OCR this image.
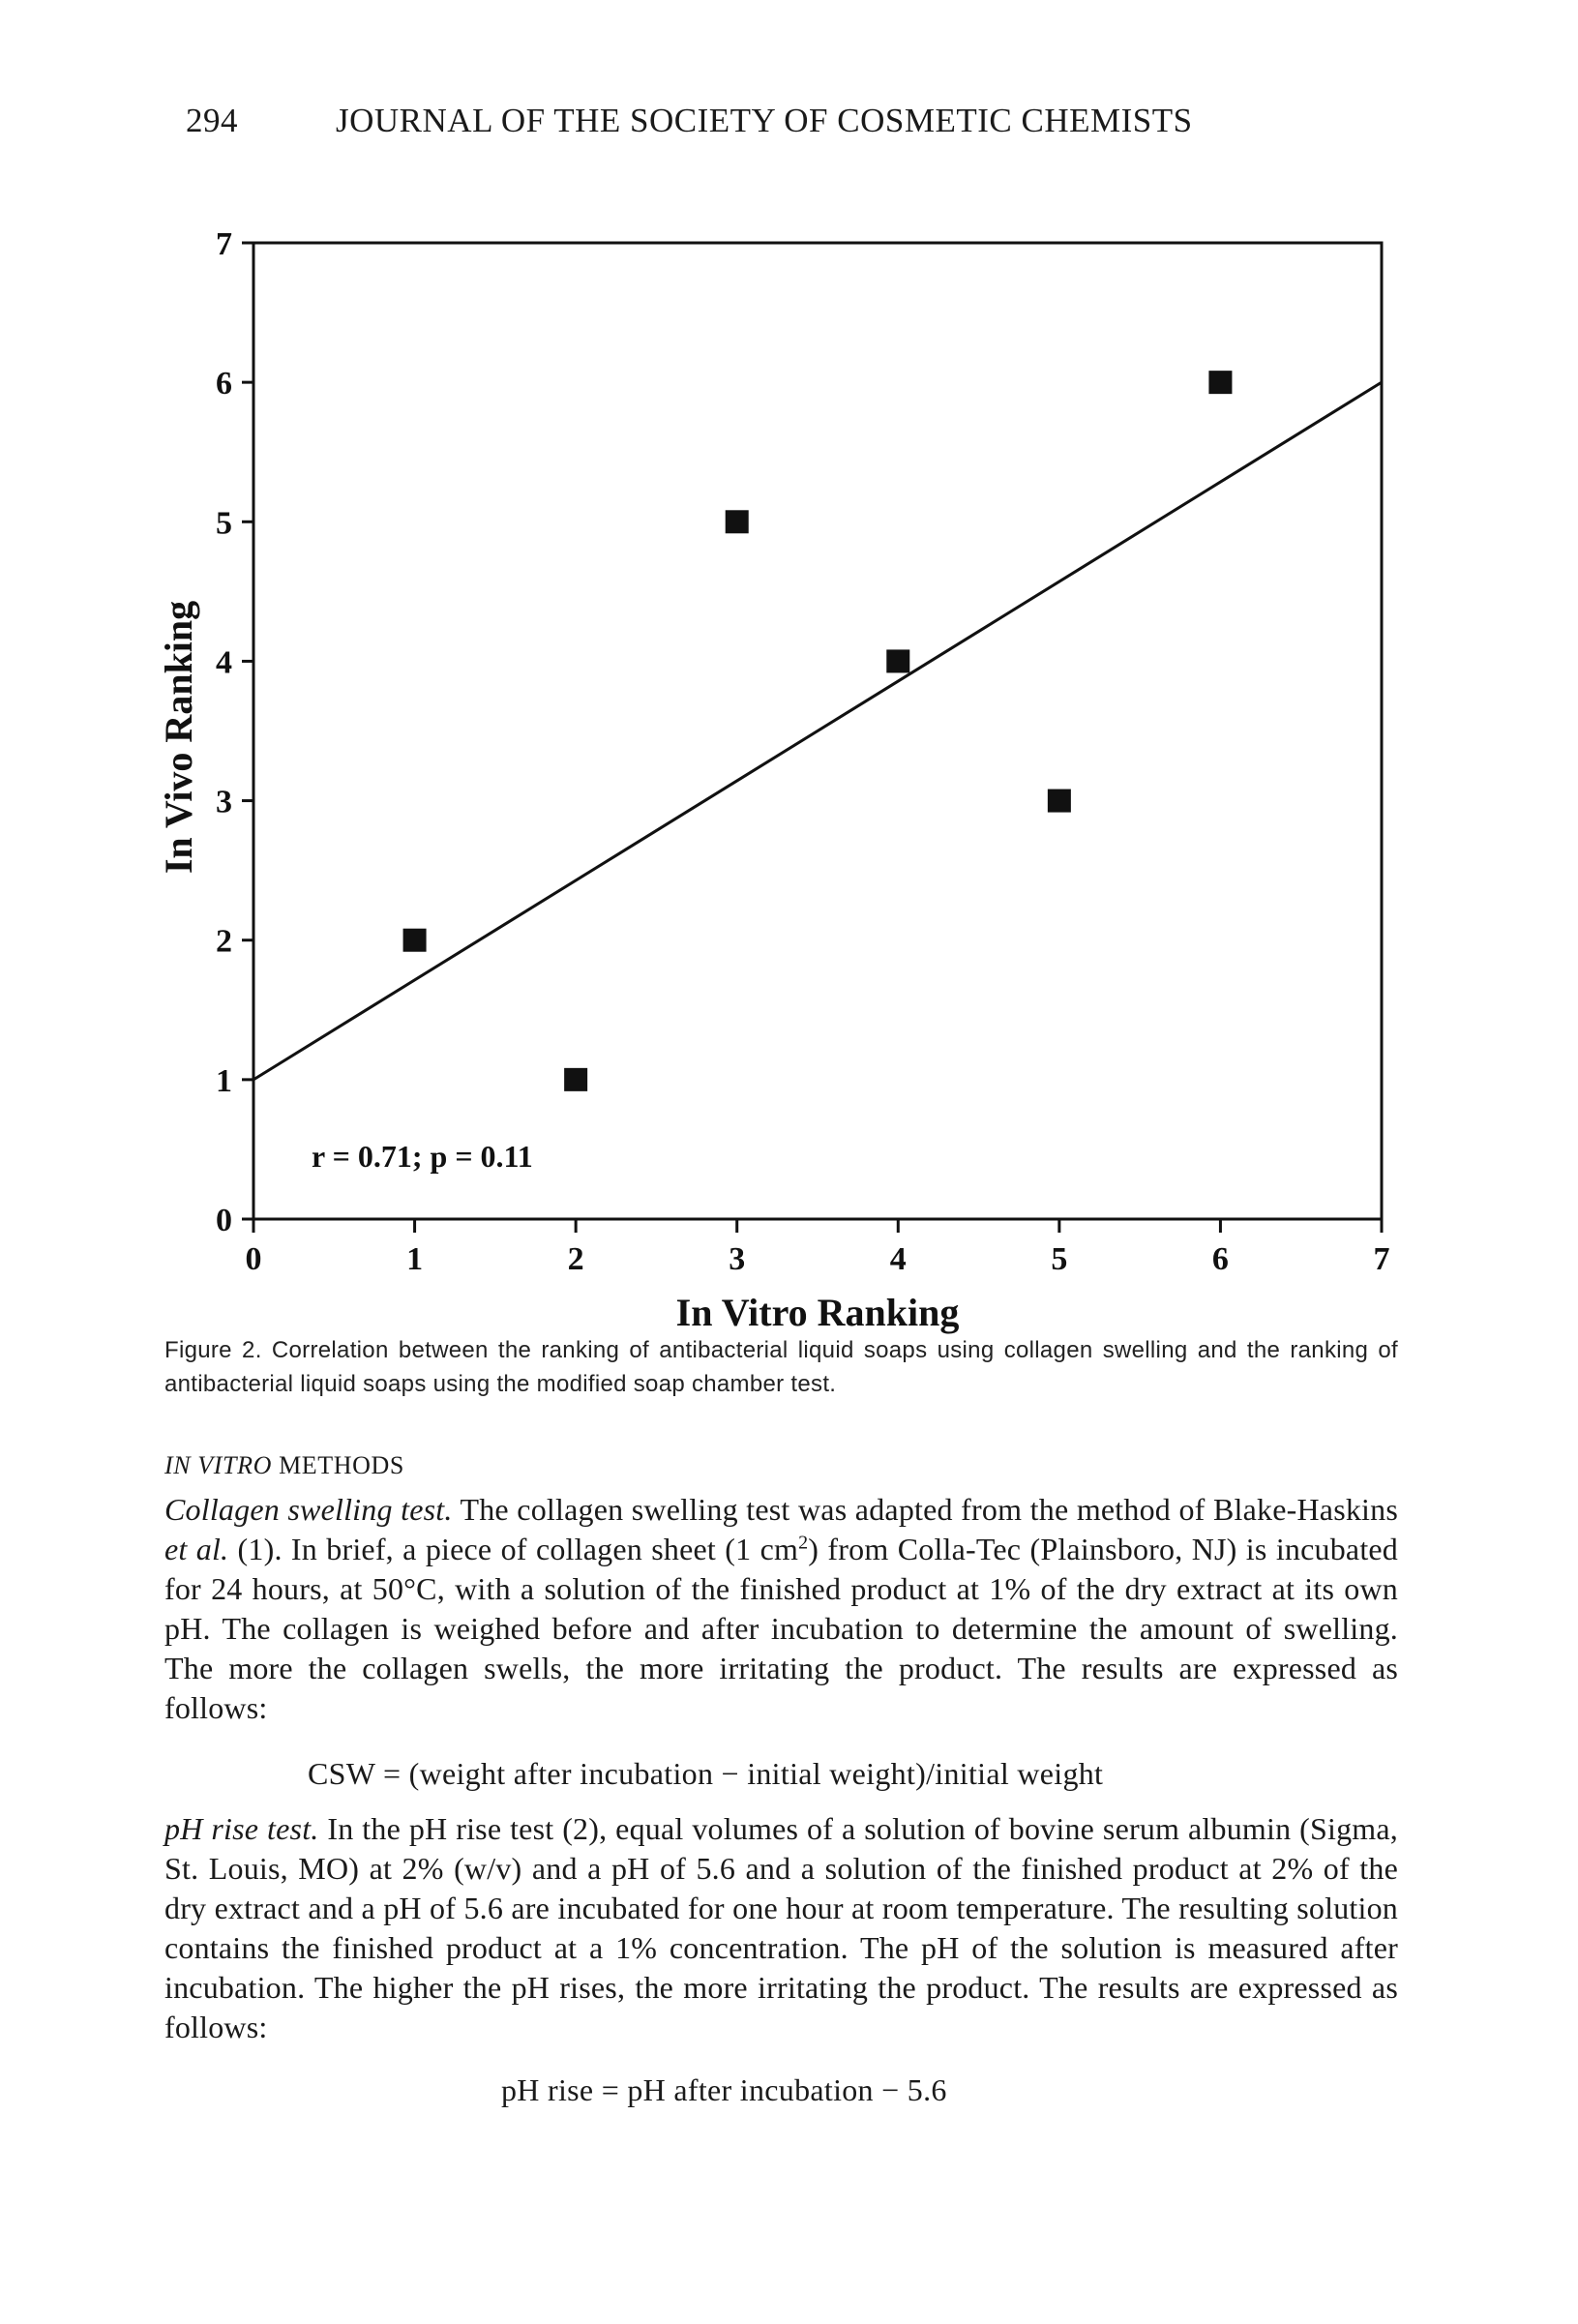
294	JOURNAL OF THE SOCIETY OF COSMETIC CHEMISTS
0
1
2
3
4
5
6
7
0	1	2	3	4	5	6	7
In Vivo Ranking
In Vitro Ranking
r = 0.71; p = 0.11
Figure 2. Correlation between the ranking of antibacterial liquid soaps using collagen swelling and the ranking of antibacterial liquid soaps using the modified soap chamber test.
IN VITRO METHODS
Collagen swelling test. The collagen swelling test was adapted from the method of Blake-Haskins et al. (1). In brief, a piece of collagen sheet (1 $cm^2$) from Colla-Tec (Plainsboro, NJ) is incubated for 24 hours, at 50°C, with a solution of the finished product at 1% of the dry extract at its own pH. The collagen is weighed before and after incubation to determine the amount of swelling. The more the collagen swells, the more irritating the product. The results are expressed as follows:
CSW = (weight after incubation − initial weight)/initial weight
pH rise test. In the pH rise test (2), equal volumes of a solution of bovine serum albumin (Sigma, St. Louis, MO) at 2% (w/v) and a pH of 5.6 and a solution of the finished product at 2% of the dry extract and a pH of 5.6 are incubated for one hour at room temperature. The resulting solution contains the finished product at a 1% concentration. The pH of the solution is measured after incubation. The higher the pH rises, the more irritating the product. The results are expressed as follows:
pH rise = pH after incubation − 5.6
